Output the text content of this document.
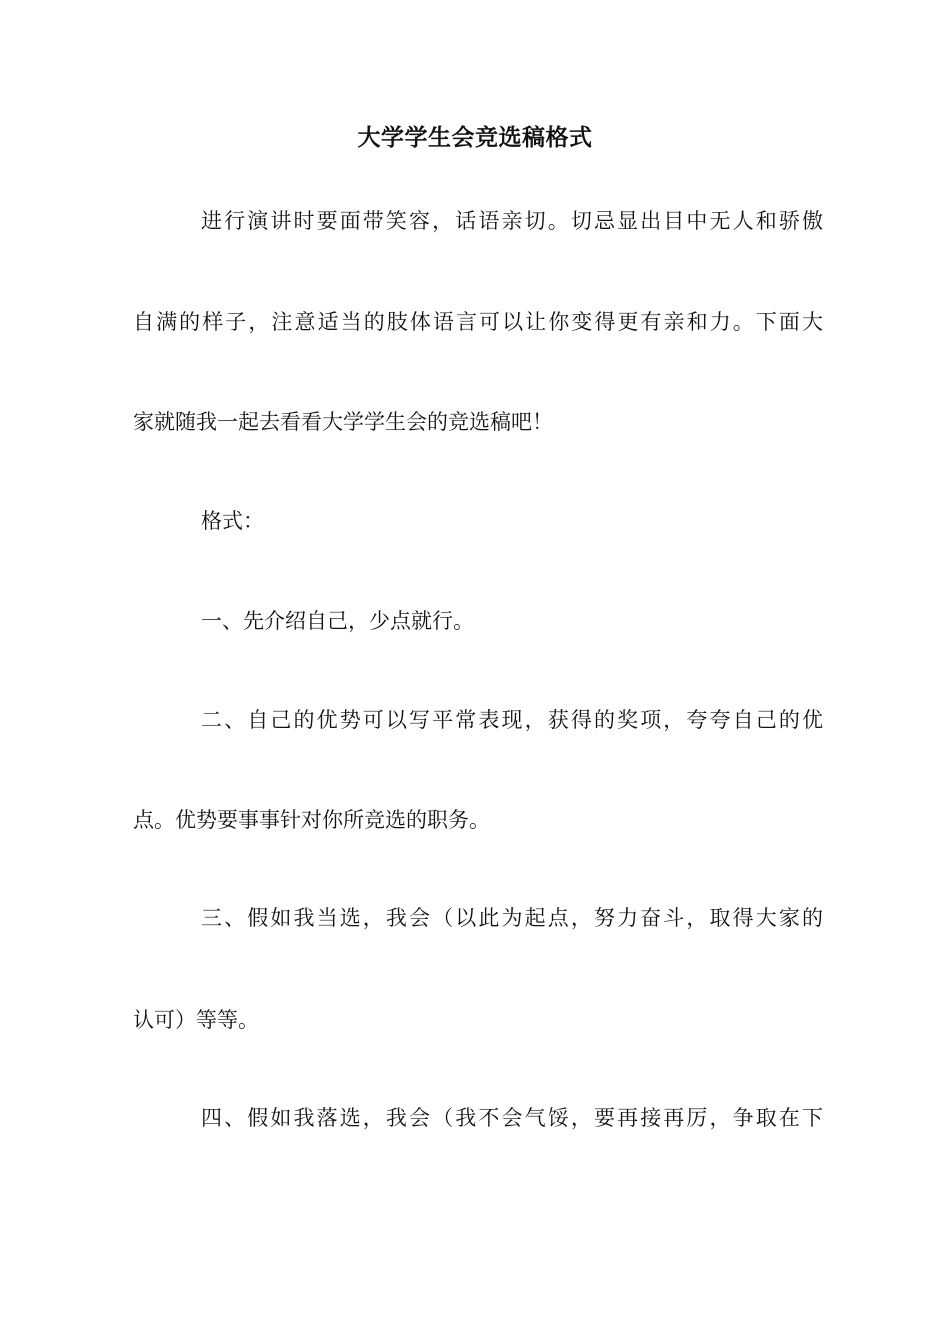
大学学生会竞选稿格式
进行演讲时要面带笑容，话语亲切。切忌显出目中无人和骄傲
自满的样子，注意适当的肢体语言可以让你变得更有亲和力。下面大
家就随我一起去看看大学学生会的竞选稿吧！
格式：
一、先介绍自己，少点就行。
二、自己的优势可以写平常表现，获得的奖项，夸夸自己的优
点。优势要事事针对你所竞选的职务。
三、假如我当选，我会（以此为起点，努力奋斗，取得大家的
认可）等等。
四、假如我落选，我会（我不会气馁，要再接再厉，争取在下
